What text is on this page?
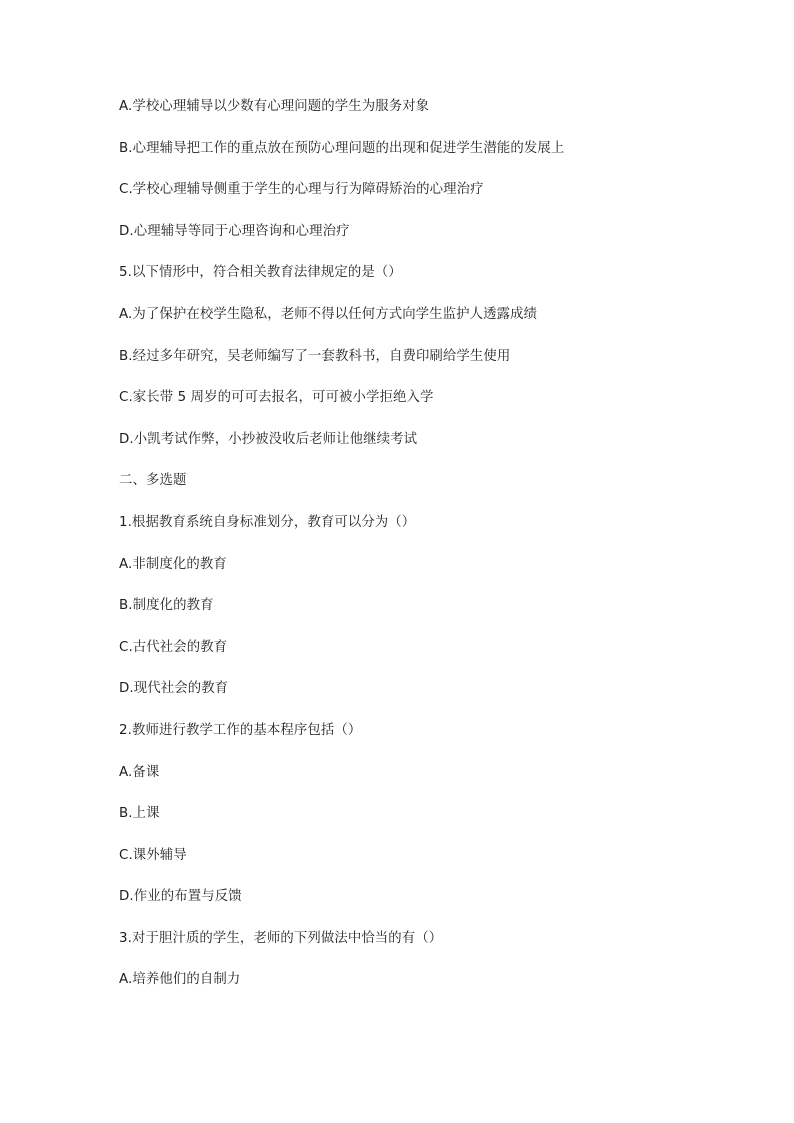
A.学校心理辅导以少数有心理问题的学生为服务对象
B.心理辅导把工作的重点放在预防心理问题的出现和促进学生潜能的发展上
C.学校心理辅导侧重于学生的心理与行为障碍矫治的心理治疗
D.心理辅导等同于心理咨询和心理治疗
5.以下情形中，符合相关教育法律规定的是（）
A.为了保护在校学生隐私，老师不得以任何方式向学生监护人透露成绩
B.经过多年研究，吴老师编写了一套教科书，自费印刷给学生使用
C.家长带 5 周岁的可可去报名，可可被小学拒绝入学
D.小凯考试作弊，小抄被没收后老师让他继续考试
二、多选题
1.根据教育系统自身标准划分，教育可以分为（）
A.非制度化的教育
B.制度化的教育
C.古代社会的教育
D.现代社会的教育
2.教师进行教学工作的基本程序包括（）
A.备课
B.上课
C.课外辅导
D.作业的布置与反馈
3.对于胆汁质的学生，老师的下列做法中恰当的有（）
A.培养他们的自制力
